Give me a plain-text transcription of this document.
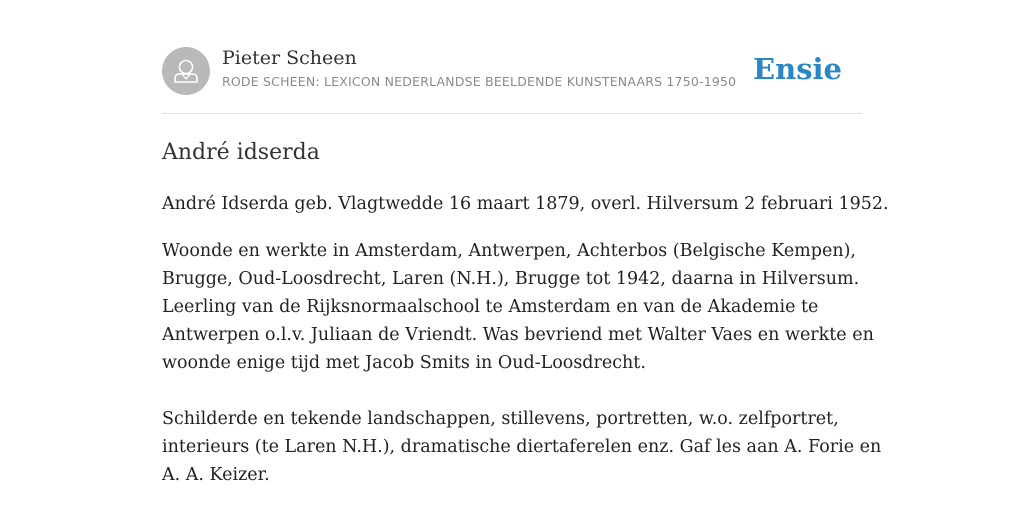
Pieter Scheen
RODE SCHEEN: LEXICON NEDERLANDSE BEELDENDE KUNSTENAARS 1750-1950 Ensie
André idserda

André Idserda geb. Vlagtwedde 16 maart 1879, overl. Hilversum 2 februari 1952.

Woonde en werkte in Amsterdam, Antwerpen, Achterbos (Belgische Kempen),
Brugge, Oud-Loosdrecht, Laren (N.H.), Brugge tot 1942, daarna in Hilversum.
Leerling van de Rijksnormaalschool te Amsterdam en van de Akademie te
Antwerpen o.l.v. Juliaan de Vriendt. Was bevriend met Walter Vaes en werkte en
woonde enige tijd met Jacob Smits in Oud-Loosdrecht.

Schilderde en tekende landschappen, stillevens, portretten, w.o. zelfportret,
interieurs (te Laren N.H.), dramatische diertaferelen enz. Gaf les aan A. Forie en
A. A. Keizer.
